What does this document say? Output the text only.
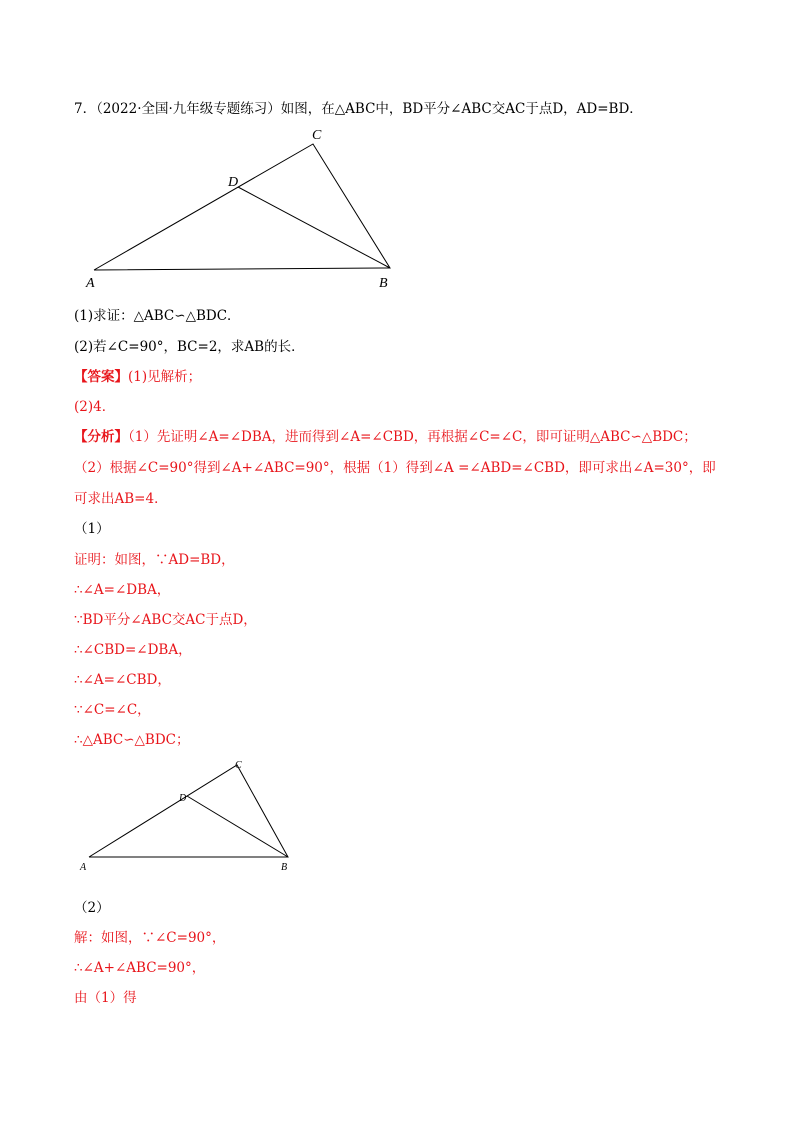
7．（2022·全国·九年级专题练习）如图，在△ABC中，BD平分∠ABC交AC于点D，AD=BD．
C
D
A	B
(1)求证：△ABC∽△BDC．
(2)若∠C=90°，BC=2，求AB的长．
【答案】(1)见解析；
(2)4．
【分析】（1）先证明∠A=∠DBA，进而得到∠A=∠CBD，再根据∠C=∠C，即可证明△ABC∽△BDC；
（2）根据∠C=90°得到∠A+∠ABC=90°，根据（1）得到∠A =∠ABD=∠CBD，即可求出∠A=30°，即
可求出AB=4．
（1）
证明：如图，∵AD=BD，
∴∠A=∠DBA，
∵BD平分∠ABC交AC于点D，
∴∠CBD=∠DBA，
∴∠A=∠CBD，
∵∠C=∠C，
∴△ABC∽△BDC；
C
D
A	B
（2）
解：如图，∵∠C=90°，
∴∠A+∠ABC=90°，
由（1）得
